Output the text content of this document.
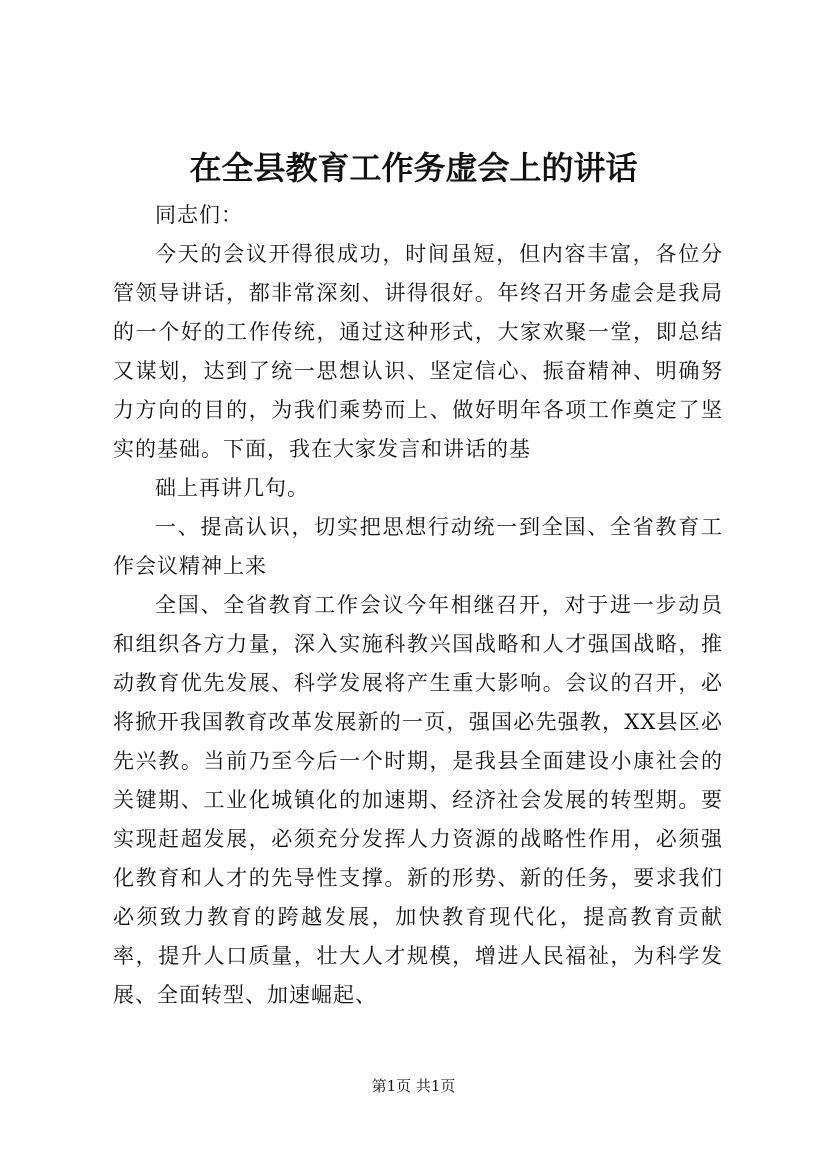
在全县教育工作务虚会上的讲话

同志们：

今天的会议开得很成功，时间虽短，但内容丰富，各位分管领导讲话，都非常深刻、讲得很好。年终召开务虚会是我局的一个好的工作传统，通过这种形式，大家欢聚一堂，即总结又谋划，达到了统一思想认识、坚定信心、振奋精神、明确努力方向的目的，为我们乘势而上、做好明年各项工作奠定了坚实的基础。下面，我在大家发言和讲话的基

础上再讲几句。

一、提高认识，切实把思想行动统一到全国、全省教育工作会议精神上来

全国、全省教育工作会议今年相继召开，对于进一步动员和组织各方力量，深入实施科教兴国战略和人才强国战略，推动教育优先发展、科学发展将产生重大影响。会议的召开，必将掀开我国教育改革发展新的一页，强国必先强教，XX县区必先兴教。当前乃至今后一个时期，是我县全面建设小康社会的关键期、工业化城镇化的加速期、经济社会发展的转型期。要实现赶超发展，必须充分发挥人力资源的战略性作用，必须强化教育和人才的先导性支撑。新的形势、新的任务，要求我们必须致力教育的跨越发展，加快教育现代化，提高教育贡献率，提升人口质量，壮大人才规模，增进人民福祉，为科学发展、全面转型、加速崛起、

第1页 共1页
